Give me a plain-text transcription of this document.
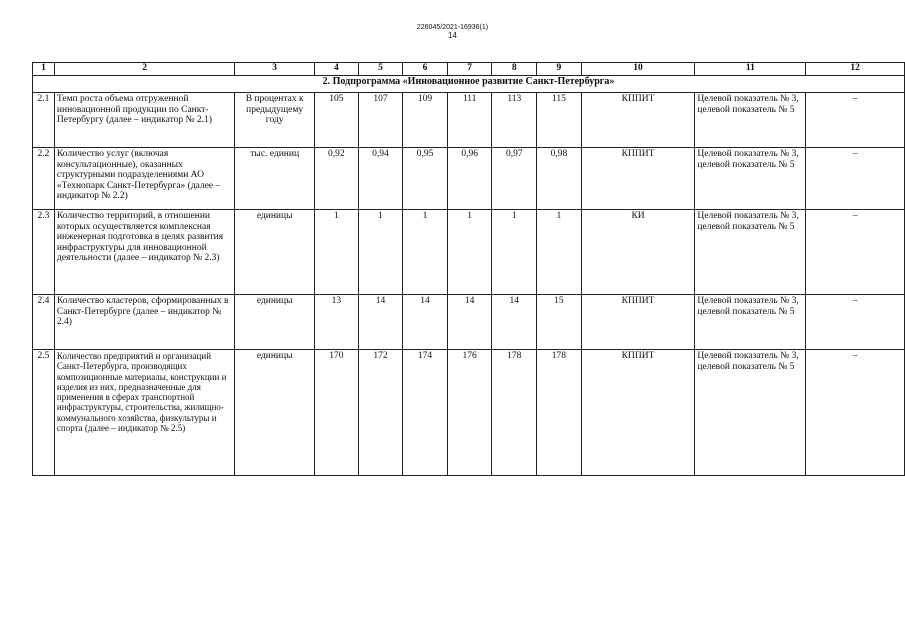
226045/2021-16936(1)
14
1	2	3	4	5	6	7	8	9	10	11	12
2. Подпрограмма «Инновационное развитие Санкт-Петербурга»											
2.1	Темп роста объема отгруженной инновационной продукции по Санкт-Петербургу (далее – индикатор № 2.1)	В процентах к предыдущему году	105	107	109	111	113	115	КППИТ	Целевой показатель № 3, целевой показатель № 5	–
2.2	Количество услуг (включая консультационные), оказанных структурными подразделениями АО «Технопарк Санкт-Петербурга» (далее – индикатор № 2.2)	тыс. единиц	0,92	0,94	0,95	0,96	0,97	0,98	КППИТ	Целевой показатель № 3, целевой показатель № 5	–
2.3	Количество территорий, в отношении которых осуществляется комплексная инженерная подготовка в целях развития инфраструктуры для инновационной деятельности (далее – индикатор № 2.3)	единицы	1	1	1	1	1	1	КИ	Целевой показатель № 3, целевой показатель № 5	–
2.4	Количество кластеров, сформированных в Санкт-Петербурге (далее – индикатор № 2.4)	единицы	13	14	14	14	14	15	КППИТ	Целевой показатель № 3, целевой показатель № 5	–
2.5	Количество предприятий и организаций Санкт-Петербурга, производящих композиционные материалы, конструкции и изделия из них, предназначенные для применения в сферах транспортной инфраструктуры, строительства, жилищно-коммунального хозяйства, физкультуры и спорта (далее – индикатор № 2.5)	единицы	170	172	174	176	178	178	КППИТ	Целевой показатель № 3, целевой показатель № 5	–
